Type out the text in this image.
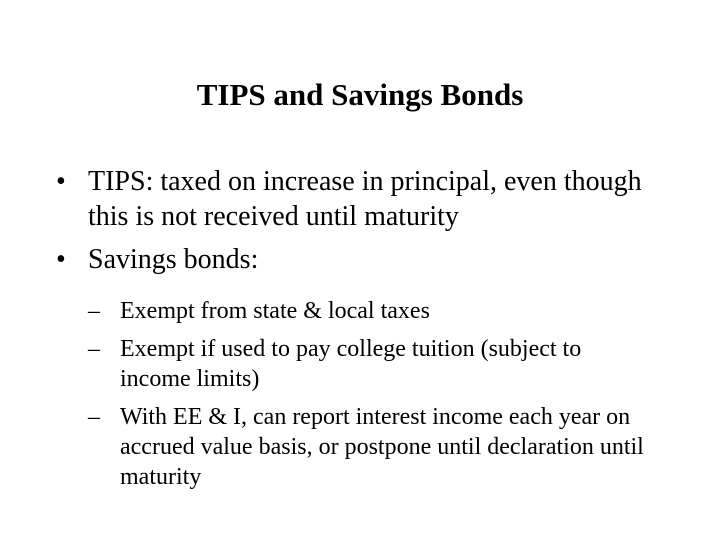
TIPS and Savings Bonds
• TIPS: taxed on increase in principal, even though this is not received until maturity
• Savings bonds:
– Exempt from state & local taxes
– Exempt if used to pay college tuition (subject to income limits)
– With EE & I, can report interest income each year on accrued value basis, or postpone until declaration until maturity
